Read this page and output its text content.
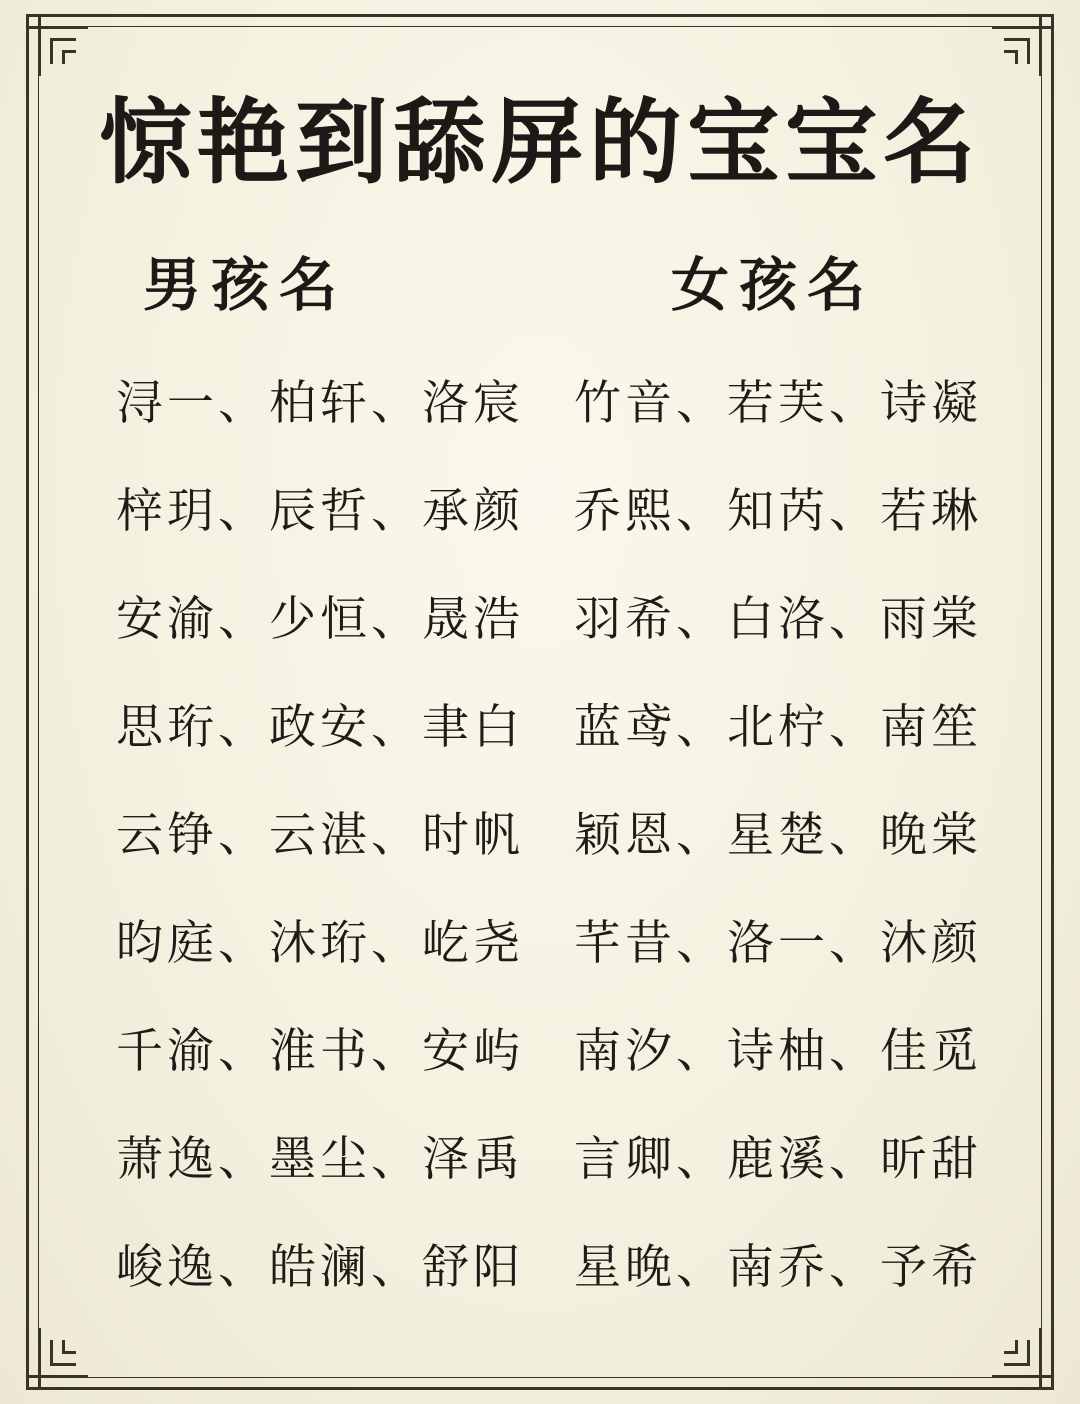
惊艳到舔屏的宝宝名
男孩名
浔一、柏轩、洛宸
梓玥、辰哲、承颜
安渝、少恒、晟浩
思珩、政安、聿白
云铮、云湛、时帆
昀庭、沐珩、屹尧
千渝、淮书、安屿
萧逸、墨尘、泽禹
峻逸、皓澜、舒阳
女孩名
竹音、若芙、诗凝
乔熙、知芮、若琳
羽希、白洛、雨棠
蓝鸢、北柠、南笙
颖恩、星楚、晚棠
芊昔、洛一、沐颜
南汐、诗柚、佳觅
言卿、鹿溪、昕甜
星晚、南乔、予希
